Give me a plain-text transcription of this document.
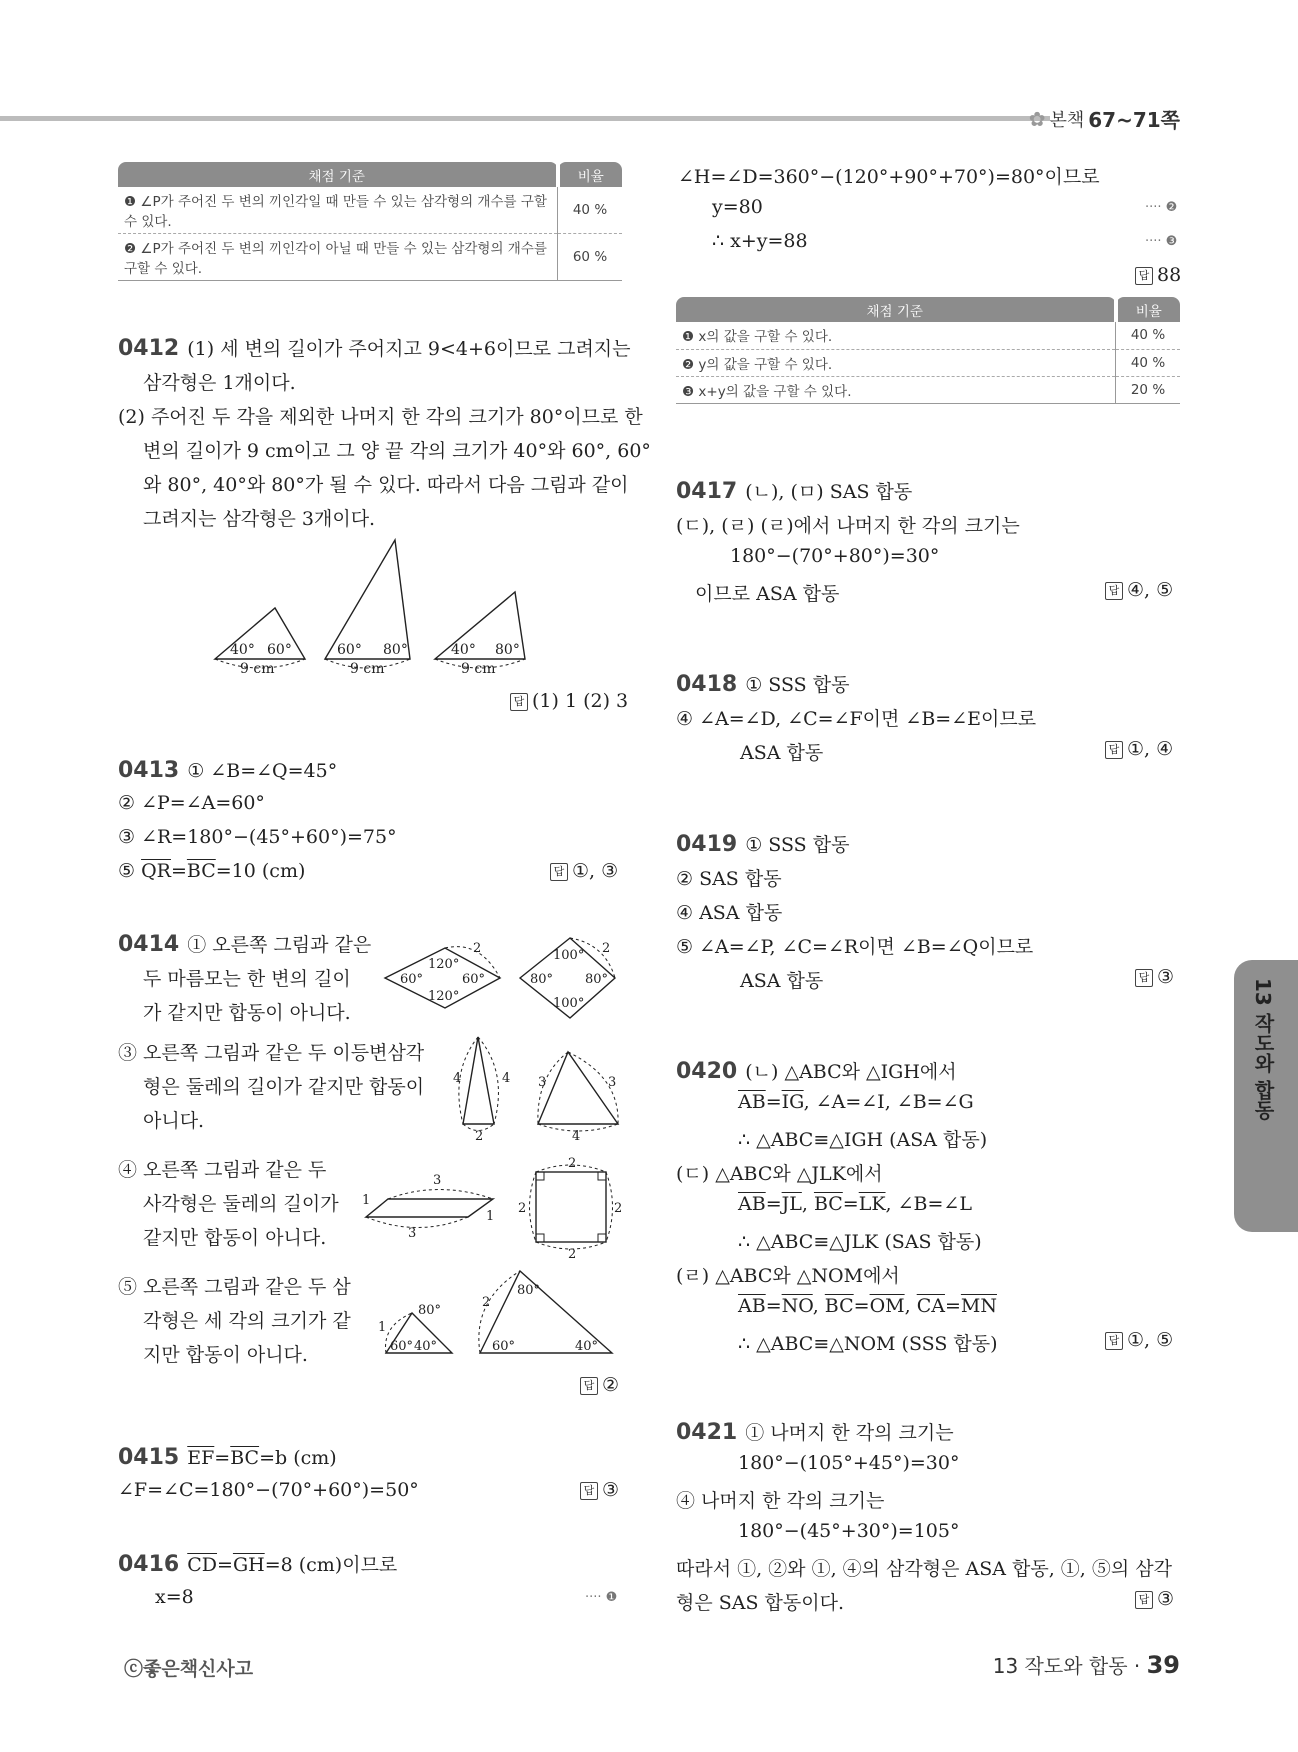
✿ 본책 67~71쪽
채점 기준	비율
❶ ∠P가 주어진 두 변의 끼인각일 때 만들 수 있는 삼각형의 개수를 구할 수 있다.	40 %
❷ ∠P가 주어진 두 변의 끼인각이 아닐 때 만들 수 있는 삼각형의 개수를 구할 수 있다.	60 %
0412 (1) 세 변의 길이가 주어지고 9<4+6이므로 그려지는
삼각형은 1개이다.
(2) 주어진 두 각을 제외한 나머지 한 각의 크기가 80°이므로 한
변의 길이가 9 cm이고 그 양 끝 각의 크기가 40°와 60°, 60°
와 80°, 40°와 80°가 될 수 있다. 따라서 다음 그림과 같이
그려지는 삼각형은 3개이다.
40° 60°
9 cm
60° 80°
9 cm
40° 80°
9 cm
답 (1) 1 (2) 3
0413 ① ∠B=∠Q=45°
② ∠P=∠A=60°
③ ∠R=180°−(45°+60°)=75°
⑤ $\overline{QR}=\overline{BC}=10$ (cm)	답 ①, ③
0414 ① 오른쪽 그림과 같은
두 마름모는 한 변의 길이
가 같지만 합동이 아니다.
120°
60°	60°
120°
2	100°
80° 80°
100°
2
③ 오른쪽 그림과 같은 두 이등변삼각
형은 둘레의 길이가 같지만 합동이
아니다.
4	4
2
3	3
4
④ 오른쪽 그림과 같은 두
사각형은 둘레의 길이가
같지만 합동이 아니다.
3
1
1
3
2
2	2
2
⑤ 오른쪽 그림과 같은 두 삼
각형은 세 각의 크기가 같
지만 합동이 아니다.
80°
1
60° 40°
80°
2
60°	40°
답 ②
0415 $\overline{EF}=\overline{BC}=b$ (cm)
∠F=∠C=180°−(70°+60°)=50°	답 ③
0416 $\overline{CD}=\overline{GH}=8$ (cm)이므로
x=8	···· ❶
∠H=∠D=360°−(120°+90°+70°)=80°이므로
y=80	···· ❷
∴ x+y=88	···· ❸
답 88
채점 기준	비율
❶ x의 값을 구할 수 있다.	40 %
❷ y의 값을 구할 수 있다.	40 %
❸ x+y의 값을 구할 수 있다.	20 %
0417 (ㄴ), (ㅁ) SAS 합동
(ㄷ), (ㄹ) (ㄹ)에서 나머지 한 각의 크기는
180°−(70°+80°)=30°
이므로 ASA 합동	답 ④, ⑤
0418 ① SSS 합동
④ ∠A=∠D, ∠C=∠F이면 ∠B=∠E이므로
ASA 합동	답 ①, ④
0419 ① SSS 합동
② SAS 합동
④ ASA 합동
⑤ ∠A=∠P, ∠C=∠R이면 ∠B=∠Q이므로
ASA 합동	답 ③
0420 (ㄴ) △ABC와 △IGH에서
$\overline{AB}=\overline{IG}$, ∠A=∠I, ∠B=∠G
∴ △ABC≡△IGH (ASA 합동)
(ㄷ) △ABC와 △JLK에서
$\overline{AB}=\overline{JL}$, $\overline{BC}=\overline{LK}$, ∠B=∠L
∴ △ABC≡△JLK (SAS 합동)
(ㄹ) △ABC와 △NOM에서
$\overline{AB}=\overline{NO}$, $\overline{BC}=\overline{OM}$, $\overline{CA}=\overline{MN}$
∴ △ABC≡△NOM (SSS 합동)	답 ①, ⑤
0421 ① 나머지 한 각의 크기는
180°−(105°+45°)=30°
④ 나머지 한 각의 크기는
180°−(45°+30°)=105°
따라서 ①, ②와 ①, ④의 삼각형은 ASA 합동, ①, ⑤의 삼각
형은 SAS 합동이다.	답 ③
13 작도와 합동
ⓒ좋은책신사고	13 작도와 합동 · 39
